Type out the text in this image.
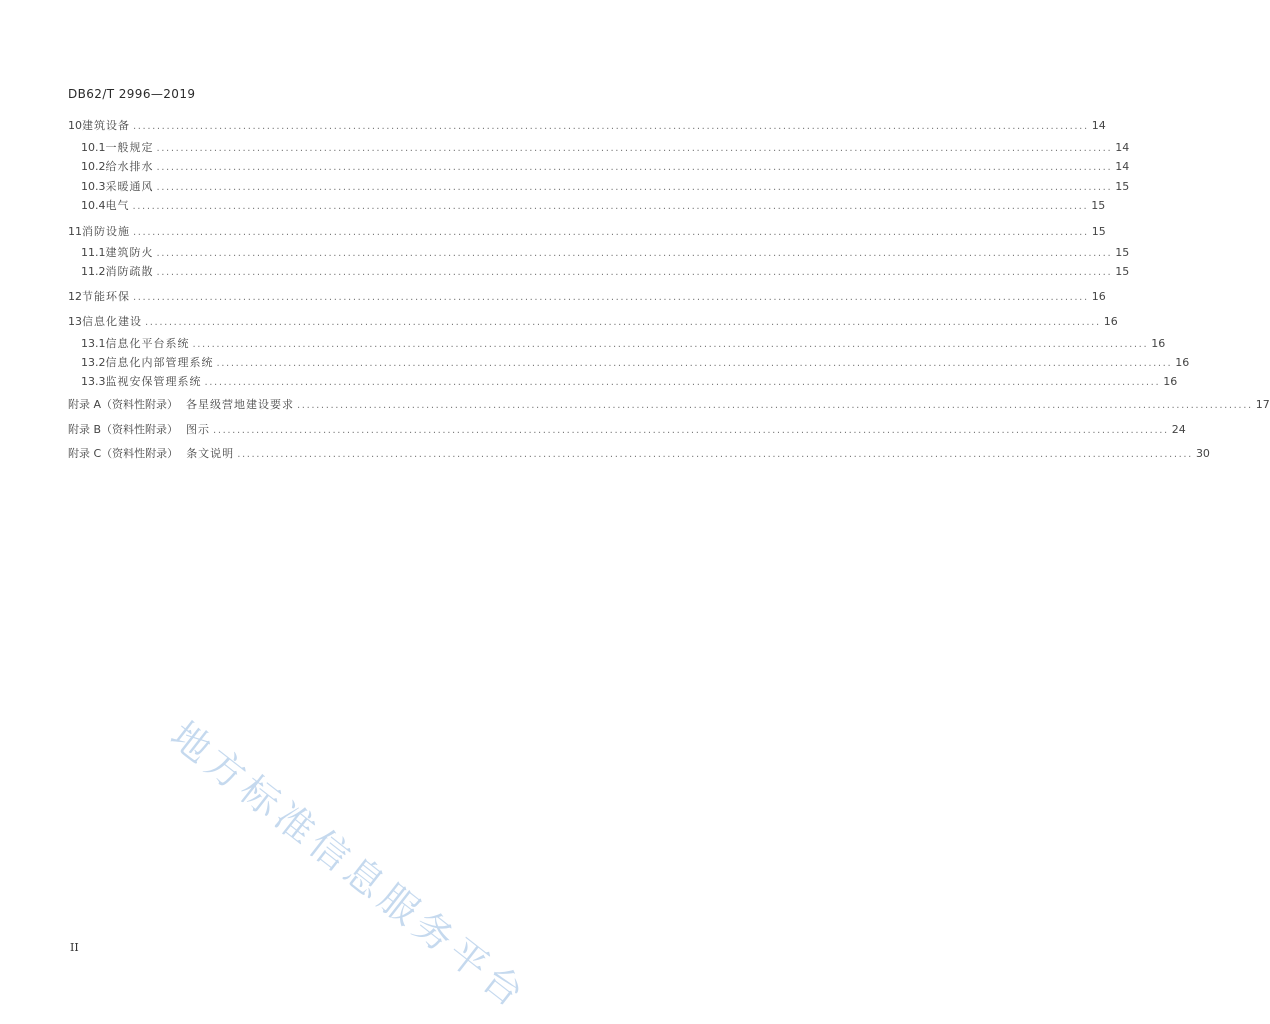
DB62/T 2996—2019
10 建筑设备 ........................................................................................................................................................................................................ 14
10.1 一般规定 ........................................................................................................................................................................................................ 14
10.2 给水排水 ........................................................................................................................................................................................................ 14
10.3 采暖通风 ........................................................................................................................................................................................................ 15
10.4 电气 ........................................................................................................................................................................................................ 15
11 消防设施 ........................................................................................................................................................................................................ 15
11.1 建筑防火 ........................................................................................................................................................................................................ 15
11.2 消防疏散 ........................................................................................................................................................................................................ 15
12 节能环保 ........................................................................................................................................................................................................ 16
13 信息化建设 ........................................................................................................................................................................................................ 16
13.1 信息化平台系统 ........................................................................................................................................................................................................ 16
13.2 信息化内部管理系统 ........................................................................................................................................................................................................ 16
13.3 监视安保管理系统 ........................................................................................................................................................................................................ 16
附录 A（资料性附录） 各星级营地建设要求 ........................................................................................................................................................................................................ 17
附录 B（资料性附录） 图示 ........................................................................................................................................................................................................ 24
附录 C（资料性附录） 条文说明 ........................................................................................................................................................................................................ 30
地方标准信息服务平台
II
